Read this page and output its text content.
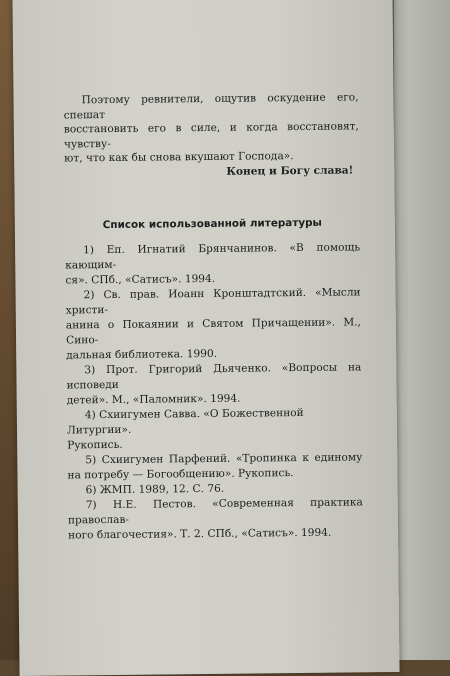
Поэтому ревнители, ощутив оскудение его, спешат
восстановить его в силе, и когда восстановят, чувству-
ют, что как бы снова вкушают Господа».

Конец и Богу слава!

Список использованной литературы

1) Еп. Игнатий Брянчанинов. «В помощь кающим-
ся». СПб., «Сатисъ». 1994.

2) Св. прав. Иоанн Кронштадтский. «Мысли христи-
анина о Покаянии и Святом Причащении». М., Сино-
дальная библиотека. 1990.

3) Прот. Григорий Дьяченко. «Вопросы на исповеди
детей». М., «Паломник». 1994.

4) Схиигумен Савва. «О Божественной Литургии».
Рукопись.

5) Схиигумен Парфений. «Тропинка к единому
на потребу — Богообщению». Рукопись.

6) ЖМП. 1989, 12. С. 76.

7) Н.Е. Пестов. «Современная практика православ-
ного благочестия». Т. 2. СПб., «Сатисъ». 1994.
